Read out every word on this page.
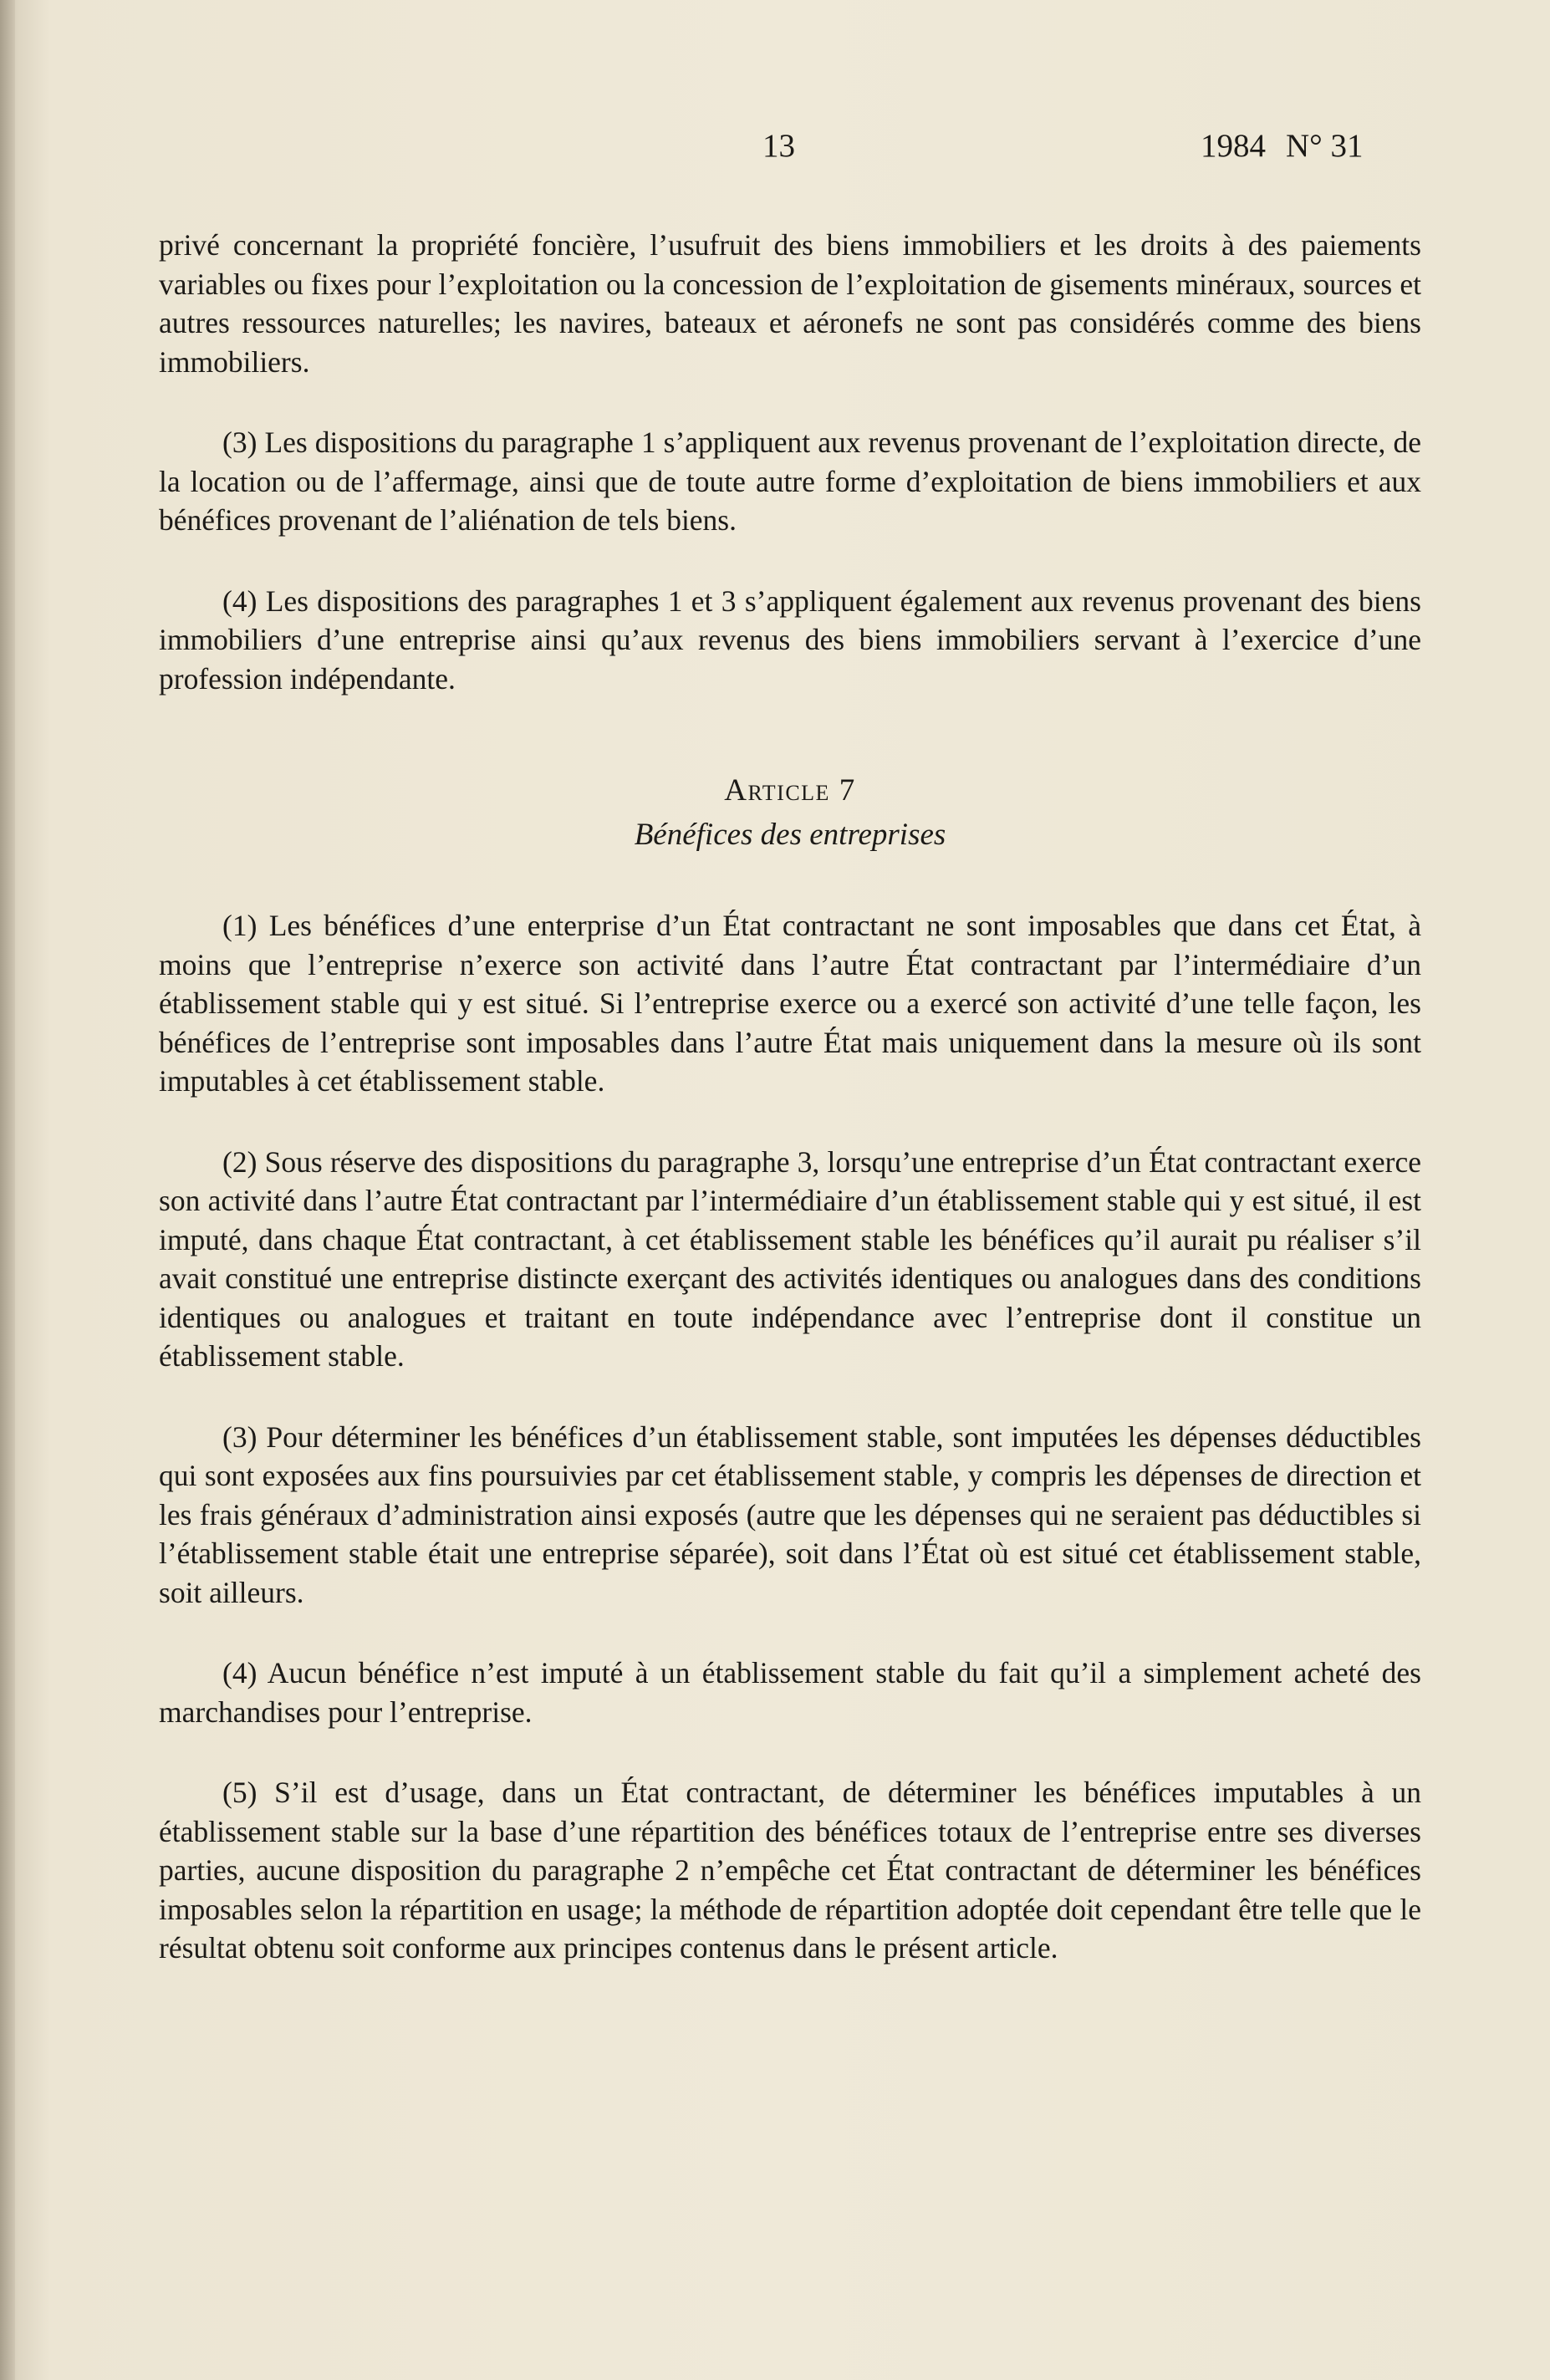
13	1984 N° 31

privé concernant la propriété foncière, l’usufruit des biens immobiliers et les droits à des paiements variables ou fixes pour l’exploitation ou la concession de l’exploitation de gisements minéraux, sources et autres ressources naturelles; les navires, bateaux et aéronefs ne sont pas considérés comme des biens immobiliers.

(3) Les dispositions du paragraphe 1 s’appliquent aux revenus provenant de l’exploitation directe, de la location ou de l’affermage, ainsi que de toute autre forme d’exploitation de biens immobiliers et aux bénéfices provenant de l’aliénation de tels biens.

(4) Les dispositions des paragraphes 1 et 3 s’appliquent également aux revenus provenant des biens immobiliers d’une entreprise ainsi qu’aux revenus des biens immobiliers servant à l’exercice d’une profession indépendante.

Article 7
Bénéfices des entreprises

(1) Les bénéfices d’une enterprise d’un État contractant ne sont imposables que dans cet État, à moins que l’entreprise n’exerce son activité dans l’autre État contractant par l’intermédiaire d’un établissement stable qui y est situé. Si l’entreprise exerce ou a exercé son activité d’une telle façon, les bénéfices de l’entreprise sont imposables dans l’autre État mais uniquement dans la mesure où ils sont imputables à cet établissement stable.

(2) Sous réserve des dispositions du paragraphe 3, lorsqu’une entreprise d’un État contractant exerce son activité dans l’autre État contractant par l’intermédiaire d’un établissement stable qui y est situé, il est imputé, dans chaque État contractant, à cet établissement stable les bénéfices qu’il aurait pu réaliser s’il avait constitué une entreprise distincte exerçant des activités identiques ou analogues dans des conditions identiques ou analogues et traitant en toute indépendance avec l’entreprise dont il constitue un établissement stable.

(3) Pour déterminer les bénéfices d’un établissement stable, sont imputées les dépenses déductibles qui sont exposées aux fins poursuivies par cet établissement stable, y compris les dépenses de direction et les frais généraux d’administration ainsi exposés (autre que les dépenses qui ne seraient pas déductibles si l’établissement stable était une entreprise séparée), soit dans l’État où est situé cet établissement stable, soit ailleurs.

(4) Aucun bénéfice n’est imputé à un établissement stable du fait qu’il a simplement acheté des marchandises pour l’entreprise.

(5) S’il est d’usage, dans un État contractant, de déterminer les bénéfices imputables à un établissement stable sur la base d’une répartition des bénéfices totaux de l’entreprise entre ses diverses parties, aucune disposition du paragraphe 2 n’empêche cet État contractant de déterminer les bénéfices imposables selon la répartition en usage; la méthode de répartition adoptée doit cependant être telle que le résultat obtenu soit conforme aux principes contenus dans le présent article.
